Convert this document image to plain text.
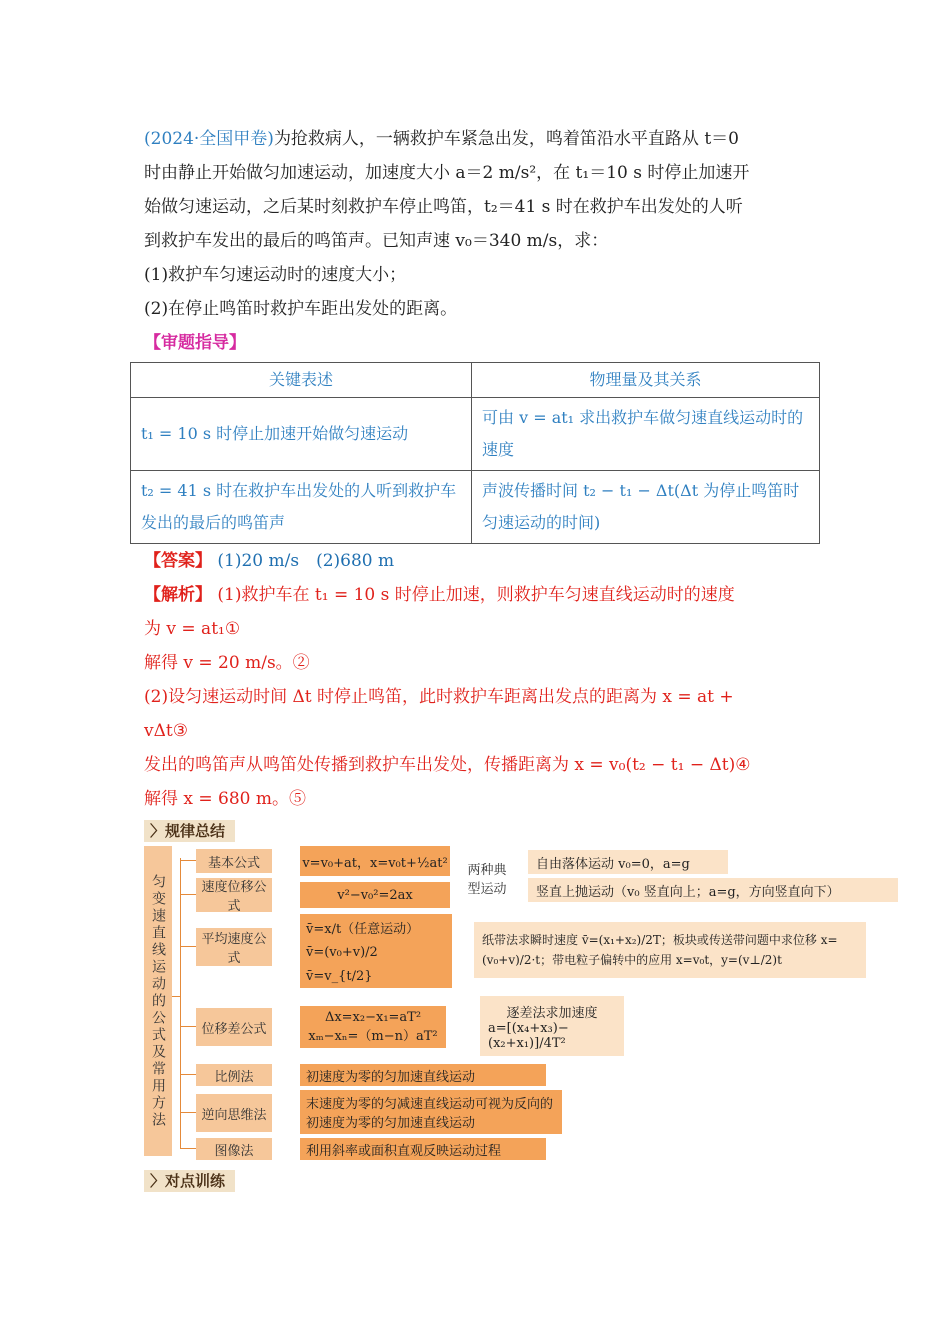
(2024·全国甲卷)为抢救病人，一辆救护车紧急出发，鸣着笛沿水平直路从 t＝0

时由静止开始做匀加速运动，加速度大小 a＝2 m/s²，在 t₁＝10 s 时停止加速开

始做匀速运动，之后某时刻救护车停止鸣笛，t₂＝41 s 时在救护车出发处的人听

到救护车发出的最后的鸣笛声。已知声速 v₀＝340 m/s，求：

(1)救护车匀速运动时的速度大小；

(2)在停止鸣笛时救护车距出发处的距离。

【审题指导】

关键表述	物理量及其关系
t₁ = 10 s 时停止加速开始做匀速运动	可由 v = at₁ 求出救护车做匀速直线运动时的速度
t₂ = 41 s 时在救护车出发处的人听到救护车发出的最后的鸣笛声	声波传播时间 t₂ − t₁ − Δt(Δt 为停止鸣笛时匀速运动的时间)

【答案】 (1)20 m/s　(2)680 m

【解析】 (1)救护车在 t₁ = 10 s 时停止加速，则救护车匀速直线运动时的速度

为 v = at₁①

解得 v = 20 m/s。②

(2)设匀速运动时间 Δt 时停止鸣笛，此时救护车距离出发点的距离为 x = at +

vΔt③

发出的鸣笛声从鸣笛处传播到救护车出发处，传播距离为 x = v₀(t₂ − t₁ − Δt)④

解得 x = 680 m。⑤

〉规律总结
匀变速直线运动的公式及常用方法
基本公式	v=v₀+at，x=v₀t+½at²
速度位移公式
v²−v₀²=2ax
两种典型运动
自由落体运动 v₀=0，a=g
竖直上抛运动（v₀ 竖直向上；a=g，方向竖直向下）
平均速度公式
v̄=x/t（任意运动）
v̄=(v₀+v)/2
v̄=v_{t/2}
纸带法求瞬时速度 v̄=(x₁+x₂)/2T；板块或传送带问题中求位移 x=(v₀+v)/2·t；带电粒子偏转中的应用 x=v₀t，y=(v⊥/2)t
位移差公式
Δx=x₂−x₁=aT²
xₘ−xₙ=（m−n）aT²
逐差法求加速度
a=[(x₄+x₃)−(x₂+x₁)]/4T²
比例法	初速度为零的匀加速直线运动
逆向思维法
末速度为零的匀减速直线运动可视为反向的初速度为零的匀加速直线运动
图像法	利用斜率或面积直观反映运动过程
〉对点训练
